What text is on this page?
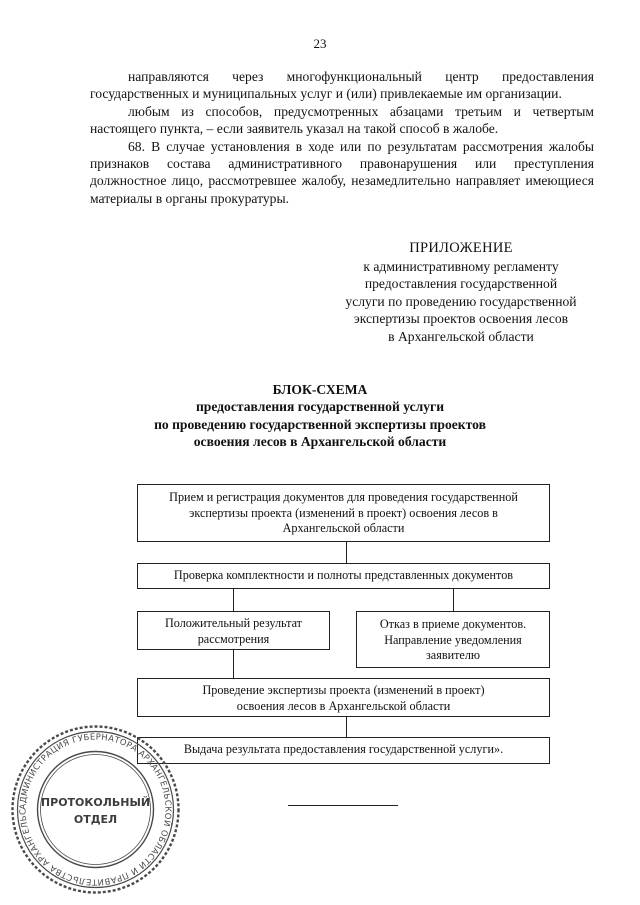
23

направляются через многофункциональный центр предоставления государственных и муниципальных услуг и (или) привлекаемые им организации.

любым из способов, предусмотренных абзацами третьим и четвертым настоящего пункта, – если заявитель указал на такой способ в жалобе.

68. В случае установления в ходе или по результатам рассмотрения жалобы признаков состава административного правонарушения или преступления должностное лицо, рассмотревшее жалобу, незамедлительно направляет имеющиеся материалы в органы прокуратуры.

ПРИЛОЖЕНИЕ
к административному регламенту
предоставления государственной
услуги по проведению государственной
экспертизы проектов освоения лесов
в Архангельской области
БЛОК-СХЕМА
предоставления государственной услуги
по проведению государственной экспертизы проектов
освоения лесов в Архангельской области
Прием и регистрация документов для проведения государственной экспертизы проекта (изменений в проект) освоения лесов в Архангельской области
Проверка комплектности и полноты представленных документов
Положительный результат рассмотрения
Отказ в приеме документов. Направление уведомления заявителю
Проведение экспертизы проекта (изменений в проект) освоения лесов в Архангельской области
Выдача результата предоставления государственной услуги».
АДМИНИСТРАЦИЯ ГУБЕРНАТОРА АРХАНГЕЛЬСКОЙ ОБЛАСТИ И ПРАВИТЕЛЬСТВА АРХАНГЕЛЬС
ПРОТОКОЛЬНЫЙ
ОТДЕЛ
